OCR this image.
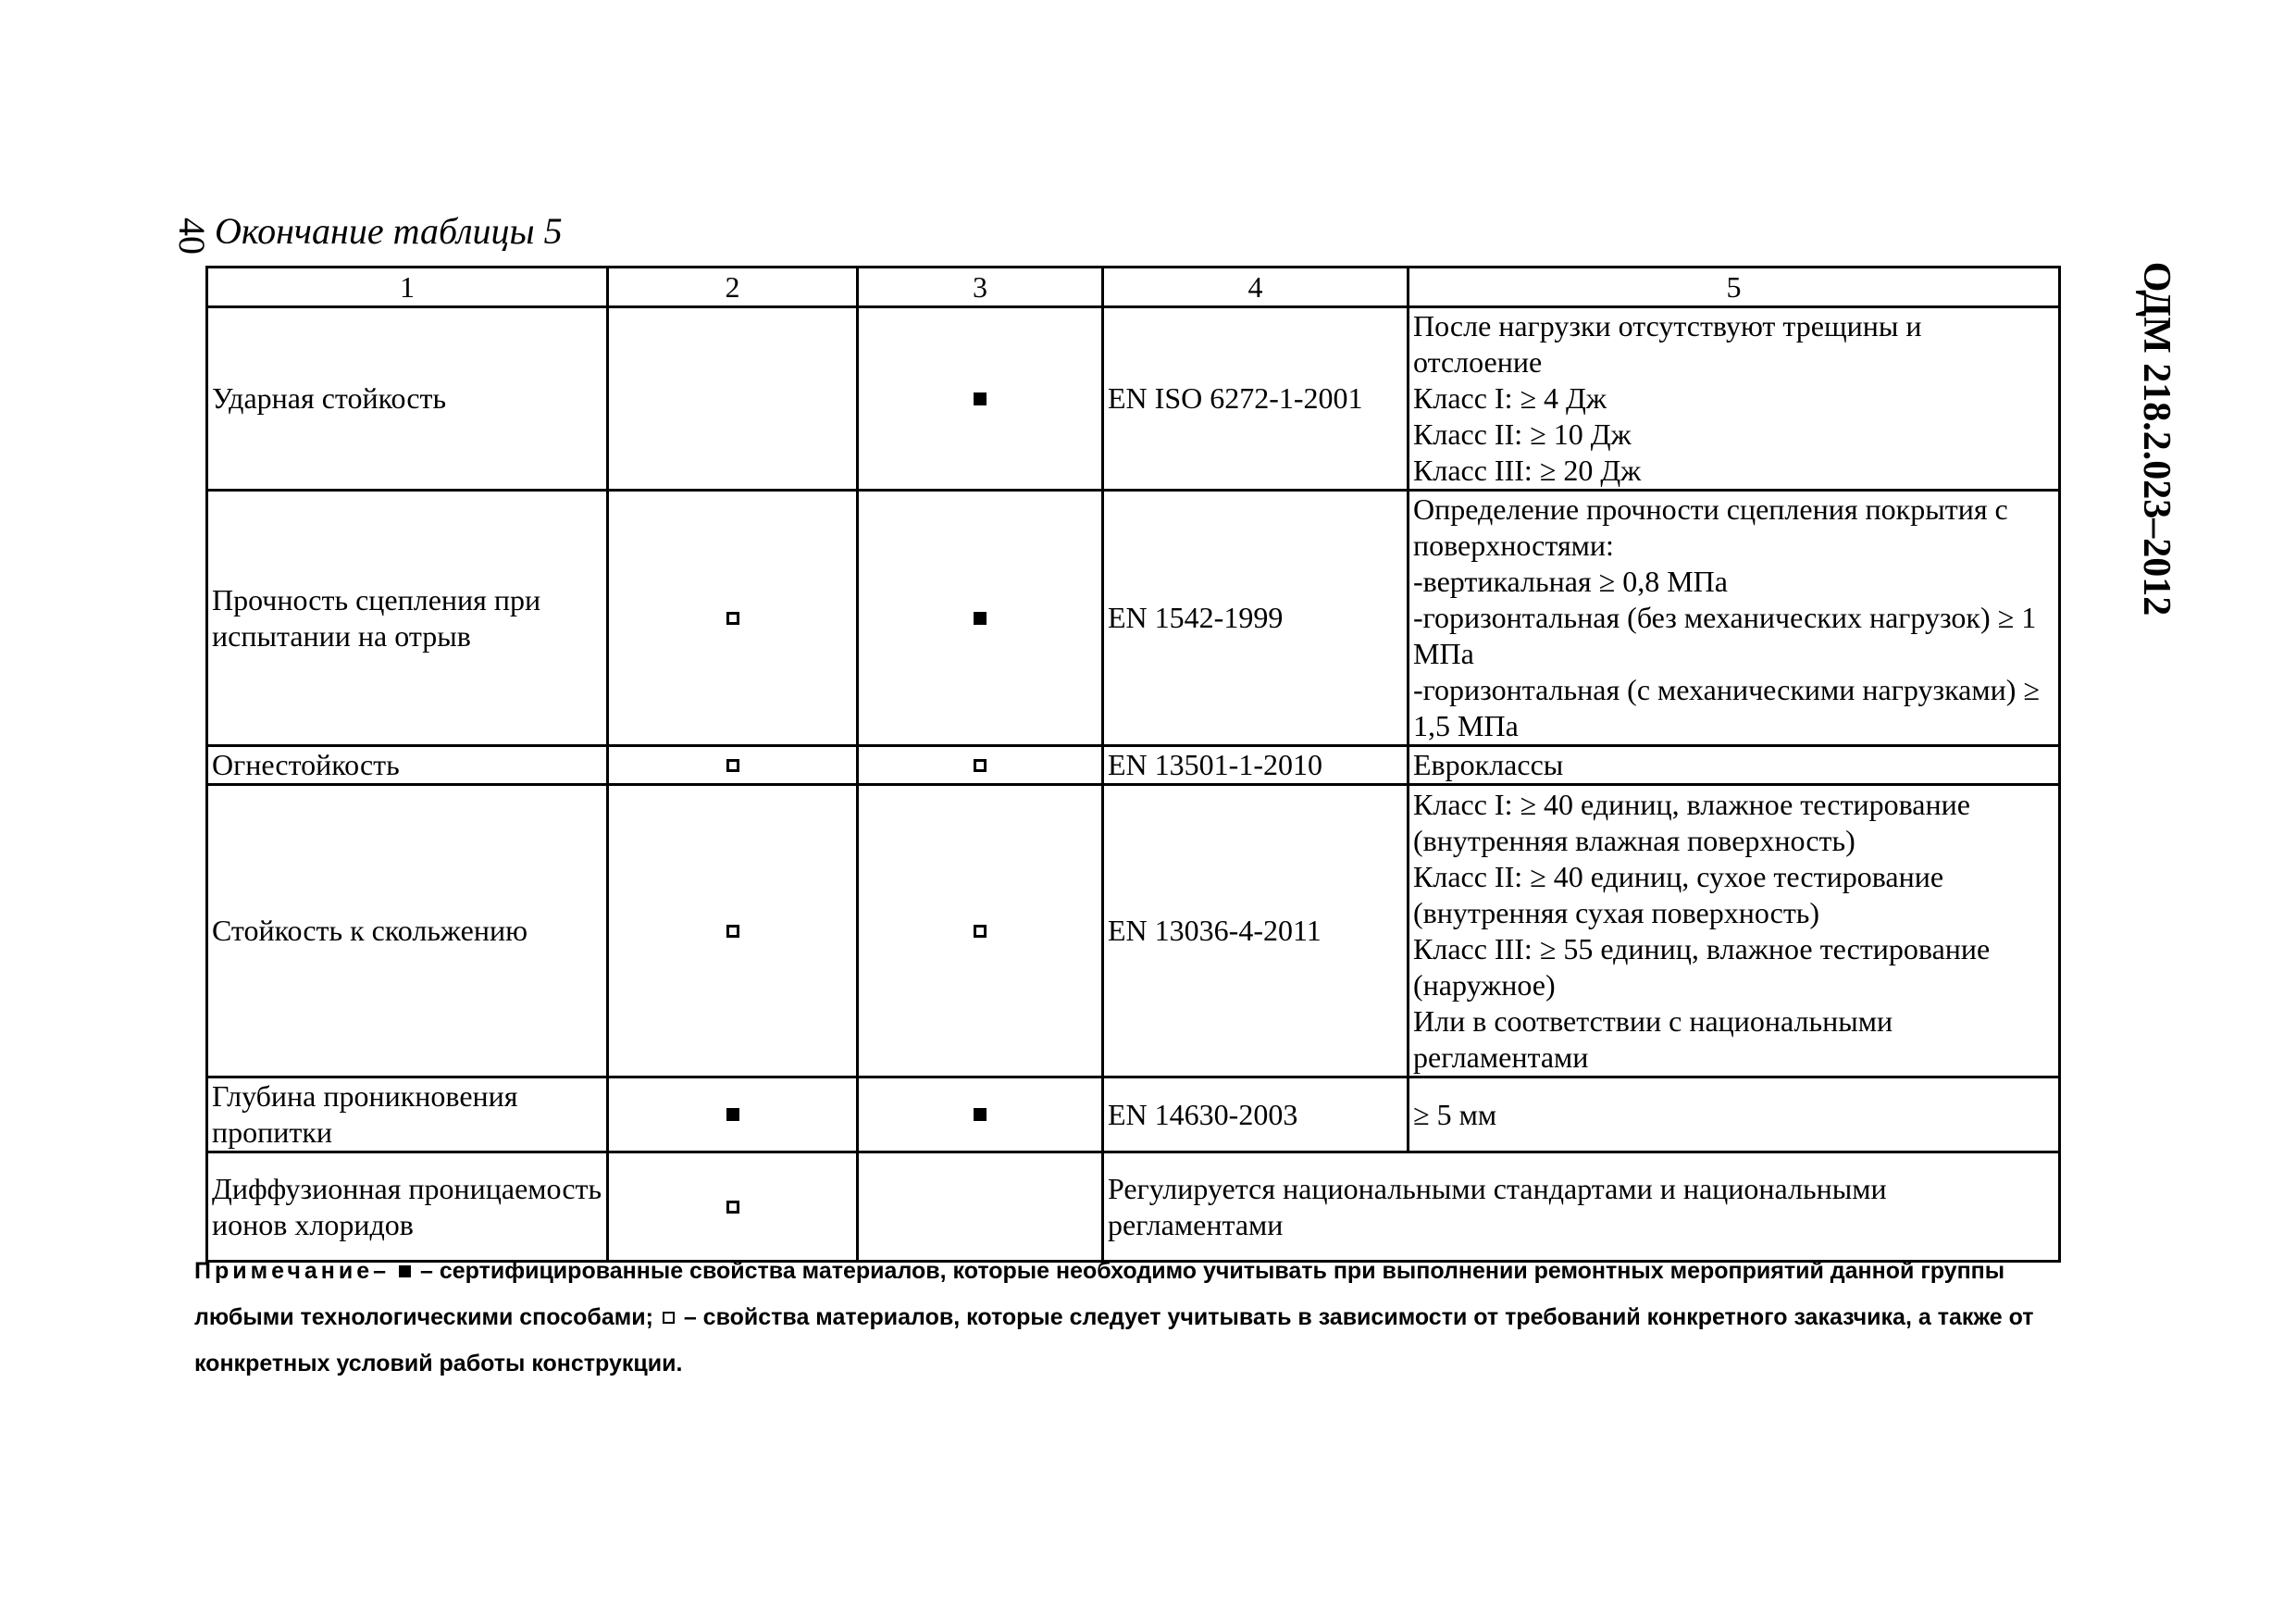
40 Окончание таблицы 5
ОДМ 218.2.023–2012
1	2	3	4	5
Ударная стойкость			EN ISO 6272-1-2001	После нагрузки отсутствуют трещины и отслоение
Класс I: ≥ 4 Дж
Класс II: ≥ 10 Дж
Класс III: ≥ 20 Дж

Прочность сцепления при испытании на отрыв			EN 1542-1999	Определение прочности сцепления покрытия с поверхностями:
-вертикальная ≥ 0,8 МПа
-горизонтальная (без механических нагрузок) ≥ 1 МПа
-горизонтальная (с механическими нагрузками) ≥ 1,5 МПа

Огнестойкость			EN 13501-1-2010	Евроклассы

Стойкость к скольжению			EN 13036-4-2011	Класс I: ≥ 40 единиц, влажное тестирование (внутренняя влажная поверхность)
Класс II: ≥ 40 единиц, сухое тестирование (внутренняя сухая поверхность)
Класс III: ≥ 55 единиц, влажное тестирование (наружное)
Или в соответствии с национальными регламентами

Глубина проникновения пропитки			EN 14630-2003	≥ 5 мм

Диффузионная проницаемость ионов хлоридов			Регулируется национальными стандартами и национальными регламентами	
Примечание– – сертифицированные свойства материалов, которые необходимо учитывать при выполнении ремонтных мероприятий данной группы любыми технологическими способами; – свойства материалов, которые следует учитывать в зависимости от требований конкретного заказчика, а также от конкретных условий работы конструкции.
